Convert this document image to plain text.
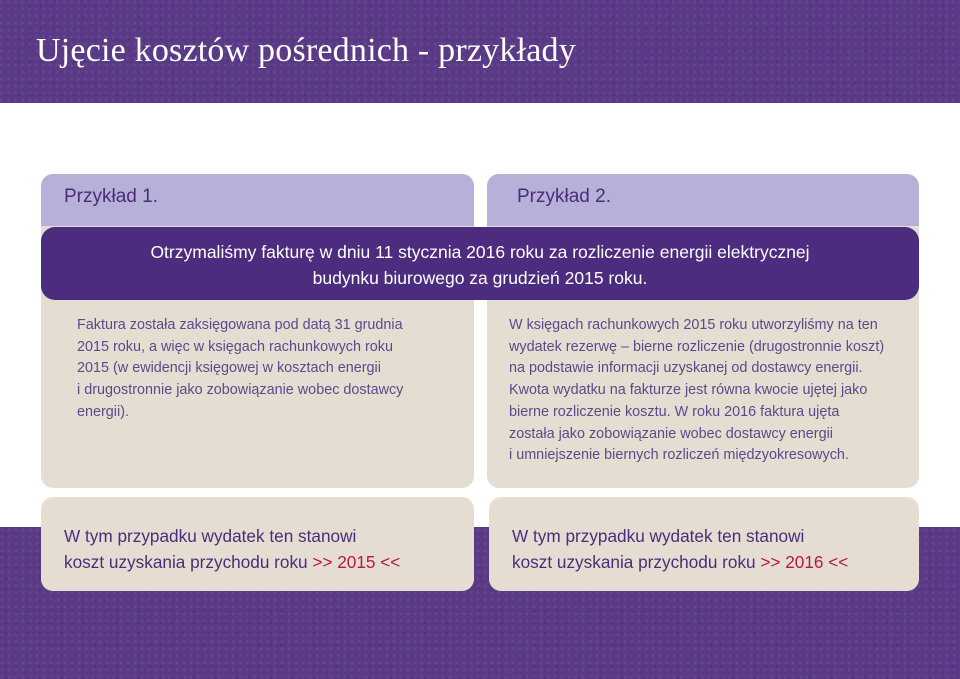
Ujęcie kosztów pośrednich - przykłady
Przykład 1.	Przykład 2.
Otrzymaliśmy fakturę w dniu 11 stycznia 2016 roku za rozliczenie energii elektrycznej
budynku biurowego za grudzień 2015 roku.

Faktura została zaksięgowana pod datą 31 grudnia
2015 roku, a więc w księgach rachunkowych roku
2015 (w ewidencji księgowej w kosztach energii
i drugostronnie jako zobowiązanie wobec dostawcy
energii).

W księgach rachunkowych 2015 roku utworzyliśmy na ten
wydatek rezerwę – bierne rozliczenie (drugostronnie koszt)
na podstawie informacji uzyskanej od dostawcy energii.
Kwota wydatku na fakturze jest równa kwocie ujętej jako
bierne rozliczenie kosztu. W roku 2016 faktura ujęta
została jako zobowiązanie wobec dostawcy energii
i umniejszenie biernych rozliczeń międzyokresowych.

W tym przypadku wydatek ten stanowi
koszt uzyskania przychodu roku >> 2015 <<
W tym przypadku wydatek ten stanowi
koszt uzyskania przychodu roku >> 2016 <<
